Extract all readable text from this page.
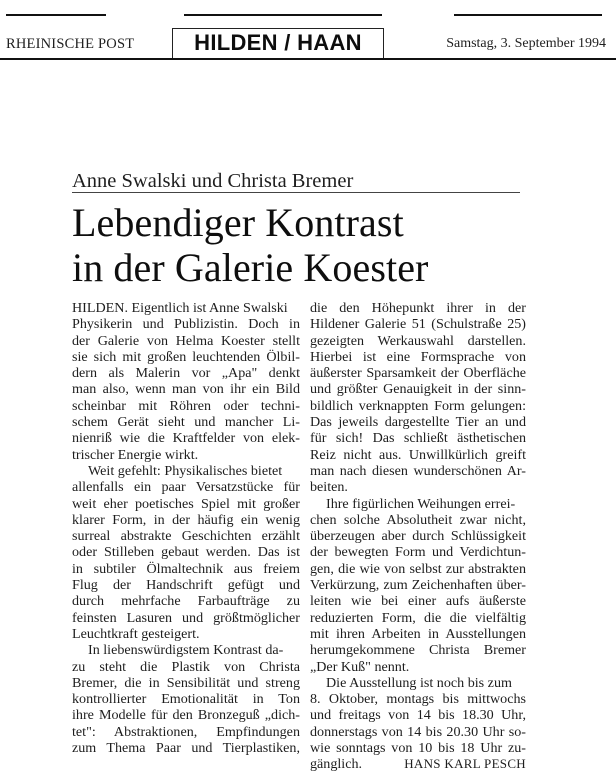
RHEINISCHE POST	HILDEN / HAAN	Samstag, 3. September 1994
Anne Swalski und Christa Bremer
Lebendiger Kontrast
in der Galerie Koester

HILDEN. Eigentlich ist Anne Swalski

Physikerin und Publizistin. Doch in

der Galerie von Helma Koester stellt

sie sich mit großen leuchtenden Ölbil-

dern als Malerin vor „Apa" denkt

man also, wenn man von ihr ein Bild

scheinbar mit Röhren oder techni-

schem Gerät sieht und mancher Li-

nienriß wie die Kraftfelder von elek-

trischer Energie wirkt.

Weit gefehlt: Physikalisches bietet

allenfalls ein paar Versatzstücke für

weit eher poetisches Spiel mit großer

klarer Form, in der häufig ein wenig

surreal abstrakte Geschichten erzählt

oder Stilleben gebaut werden. Das ist

in subtiler Ölmaltechnik aus freiem

Flug der Handschrift gefügt und

durch mehrfache Farbaufträge zu

feinsten Lasuren und größtmöglicher

Leuchtkraft gesteigert.

In liebenswürdigstem Kontrast da-

zu steht die Plastik von Christa

Bremer, die in Sensibilität und streng

kontrollierter Emotionalität in Ton

ihre Modelle für den Bronzeguß „dich-

tet": Abstraktionen, Empfindungen

zum Thema Paar und Tierplastiken,

die den Höhepunkt ihrer in der

Hildener Galerie 51 (Schulstraße 25)

gezeigten Werkauswahl darstellen.

Hierbei ist eine Formsprache von

äußerster Sparsamkeit der Oberfläche

und größter Genauigkeit in der sinn-

bildlich verknappten Form gelungen:

Das jeweils dargestellte Tier an und

für sich! Das schließt ästhetischen

Reiz nicht aus. Unwillkürlich greift

man nach diesen wunderschönen Ar-

beiten.

Ihre figürlichen Weihungen errei-

chen solche Absolutheit zwar nicht,

überzeugen aber durch Schlüssigkeit

der bewegten Form und Verdichtun-

gen, die wie von selbst zur abstrakten

Verkürzung, zum Zeichenhaften über-

leiten wie bei einer aufs äußerste

reduzierten Form, die die vielfältig

mit ihren Arbeiten in Ausstellungen

herumgekommene Christa Bremer

„Der Kuß" nennt.

Die Ausstellung ist noch bis zum

8. Oktober, montags bis mittwochs

und freitags von 14 bis 18.30 Uhr,

donnerstags von 14 bis 20.30 Uhr so-

wie sonntags von 10 bis 18 Uhr zu-

gänglich.	HANS KARL PESCH
